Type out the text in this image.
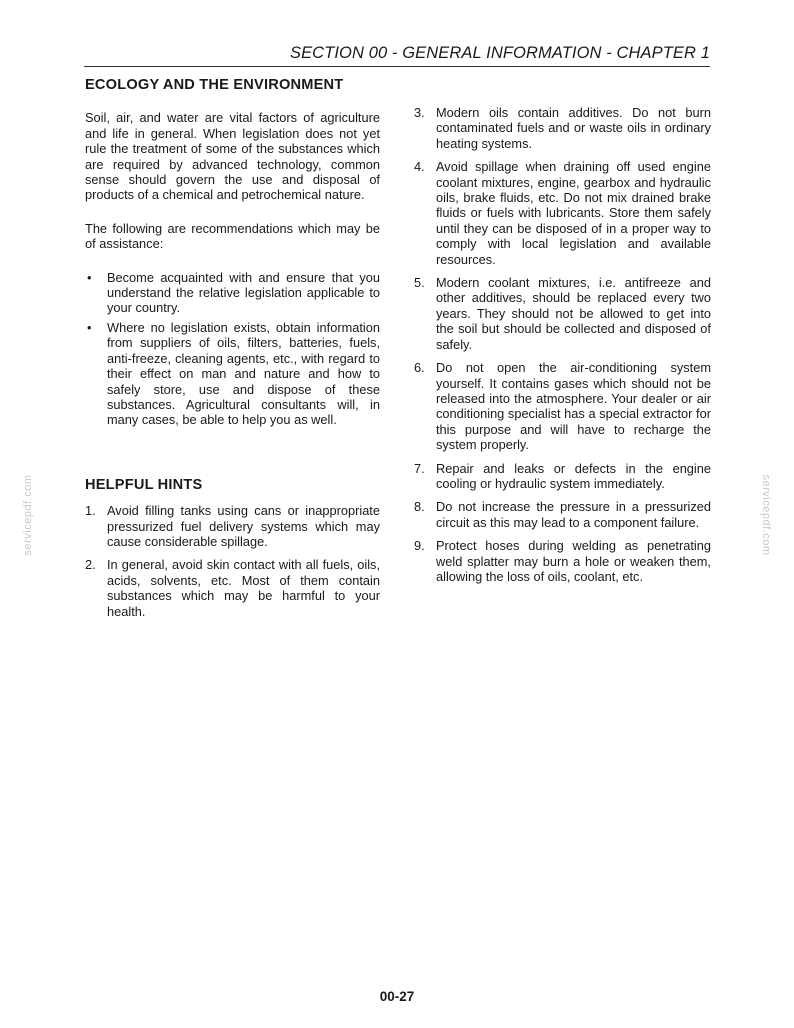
SECTION 00 - GENERAL INFORMATION - CHAPTER 1
ECOLOGY AND THE ENVIRONMENT

Soil, air, and water are vital factors of agriculture and life in general. When legislation does not yet rule the treatment of some of the substances which are required by advanced technology, common sense should govern the use and disposal of products of a chemical and petrochemical nature.

The following are recommendations which may be of assistance:

• Become acquainted with and ensure that you understand the relative legislation applicable to your country.
• Where no legislation exists, obtain information from suppliers of oils, filters, batteries, fuels, anti-freeze, cleaning agents, etc., with regard to their effect on man and nature and how to safely store, use and dispose of these substances. Agricultural consultants will, in many cases, be able to help you as well.
HELPFUL HINTS
1. Avoid filling tanks using cans or inappropriate pressurized fuel delivery systems which may cause considerable spillage.
2. In general, avoid skin contact with all fuels, oils, acids, solvents, etc. Most of them contain substances which may be harmful to your health.
3. Modern oils contain additives. Do not burn contaminated fuels and or waste oils in ordinary heating systems.
4. Avoid spillage when draining off used engine coolant mixtures, engine, gearbox and hydraulic oils, brake fluids, etc. Do not mix drained brake fluids or fuels with lubricants. Store them safely until they can be disposed of in a proper way to comply with local legislation and available resources.
5. Modern coolant mixtures, i.e. antifreeze and other additives, should be replaced every two years. They should not be allowed to get into the soil but should be collected and disposed of safely.
6. Do not open the air-conditioning system yourself. It contains gases which should not be released into the atmosphere. Your dealer or air conditioning specialist has a special extractor for this purpose and will have to recharge the system properly.
7. Repair and leaks or defects in the engine cooling or hydraulic system immediately.
8. Do not increase the pressure in a pressurized circuit as this may lead to a component failure.
9. Protect hoses during welding as penetrating weld splatter may burn a hole or weaken them, allowing the loss of oils, coolant, etc.
servicepdf.com	servicepdf.com
00-27
